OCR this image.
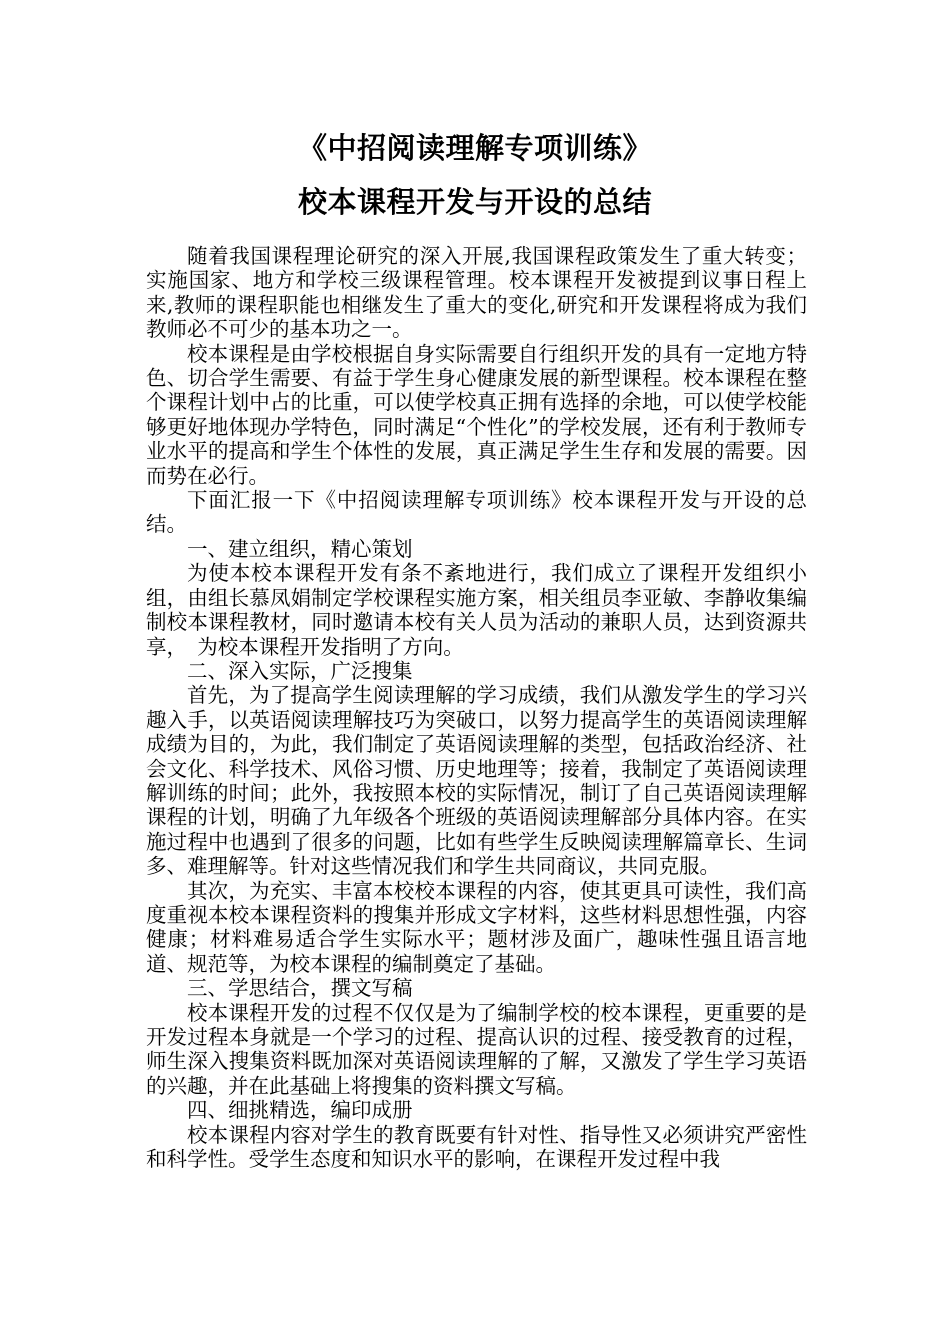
《中招阅读理解专项训练》
校本课程开发与开设的总结

随着我国课程理论研究的深入开展,我国课程政策发生了重大转变；实施国家、地方和学校三级课程管理。校本课程开发被提到议事日程上来,教师的课程职能也相继发生了重大的变化,研究和开发课程将成为我们教师必不可少的基本功之一。

校本课程是由学校根据自身实际需要自行组织开发的具有一定地方特色、切合学生需要、有益于学生身心健康发展的新型课程。校本课程在整个课程计划中占的比重，可以使学校真正拥有选择的余地，可以使学校能够更好地体现办学特色，同时满足“个性化”的学校发展，还有利于教师专业水平的提高和学生个体性的发展，真正满足学生生存和发展的需要。因而势在必行。

下面汇报一下《中招阅读理解专项训练》校本课程开发与开设的总结。

一、建立组织，精心策划

为使本校本课程开发有条不紊地进行，我们成立了课程开发组织小组，由组长慕凤娟制定学校课程实施方案，相关组员李亚敏、李静收集编制校本课程教材，同时邀请本校有关人员为活动的兼职人员，达到资源共享，　为校本课程开发指明了方向。

二、深入实际，广泛搜集

首先，为了提高学生阅读理解的学习成绩，我们从激发学生的学习兴趣入手，以英语阅读理解技巧为突破口，以努力提高学生的英语阅读理解成绩为目的，为此，我们制定了英语阅读理解的类型，包括政治经济、社会文化、科学技术、风俗习惯、历史地理等；接着，我制定了英语阅读理解训练的时间；此外，我按照本校的实际情况，制订了自己英语阅读理解课程的计划，明确了九年级各个班级的英语阅读理解部分具体内容。在实施过程中也遇到了很多的问题，比如有些学生反映阅读理解篇章长、生词多、难理解等。针对这些情况我们和学生共同商议，共同克服。

其次，为充实、丰富本校校本课程的内容，使其更具可读性，我们高度重视本校本课程资料的搜集并形成文字材料，这些材料思想性强，内容健康；材料难易适合学生实际水平；题材涉及面广，趣味性强且语言地道、规范等，为校本课程的编制奠定了基础。

三、学思结合，撰文写稿

校本课程开发的过程不仅仅是为了编制学校的校本课程，更重要的是开发过程本身就是一个学习的过程、提高认识的过程、接受教育的过程，师生深入搜集资料既加深对英语阅读理解的了解，又激发了学生学习英语的兴趣，并在此基础上将搜集的资料撰文写稿。

四、细挑精选，编印成册

校本课程内容对学生的教育既要有针对性、指导性又必须讲究严密性和科学性。受学生态度和知识水平的影响，在课程开发过程中我
